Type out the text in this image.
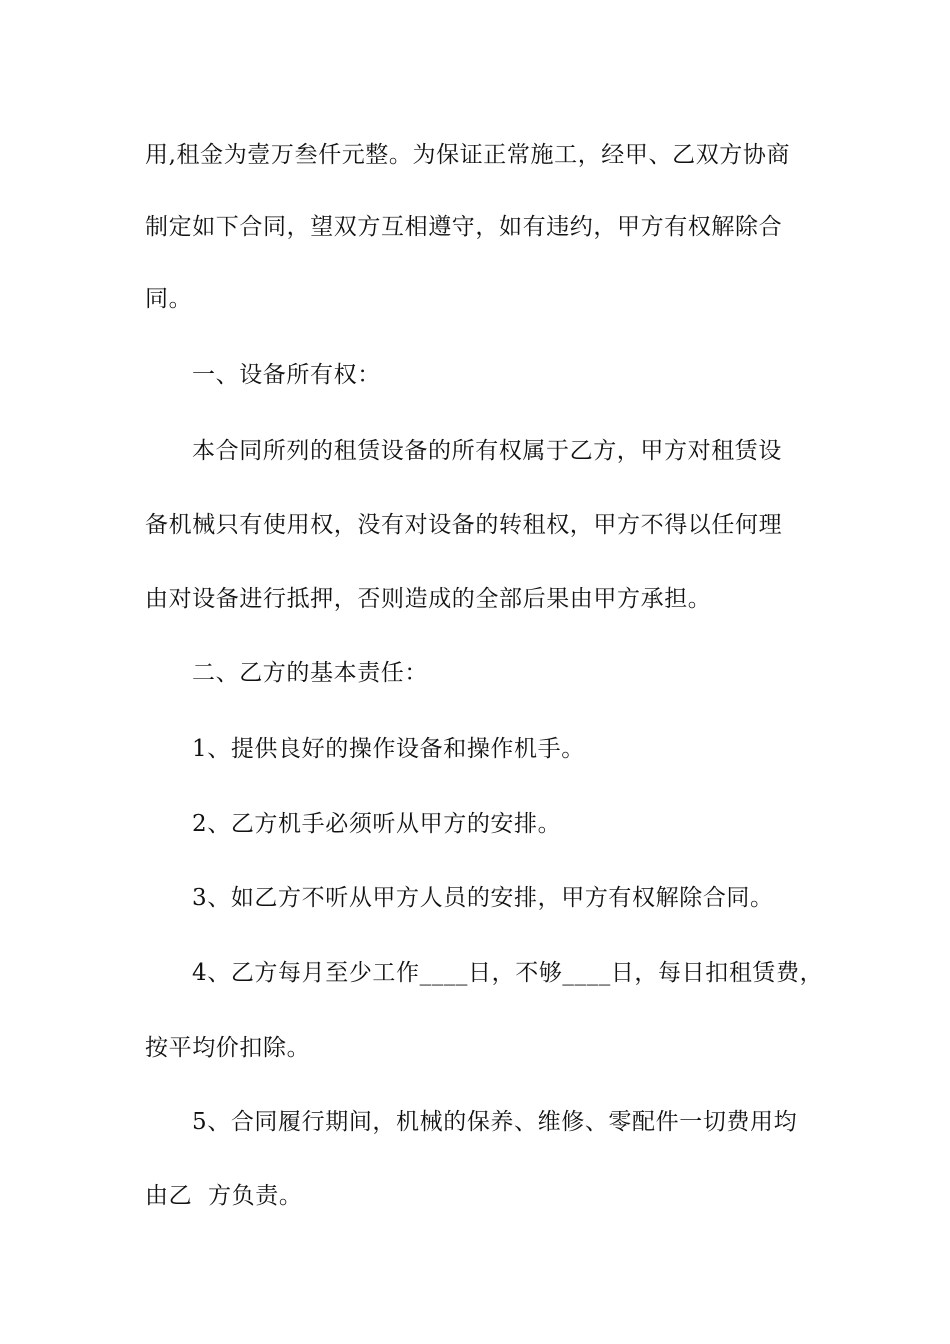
用,租金为壹万叁仟元整。为保证正常施工，经甲、乙双方协商
制定如下合同，望双方互相遵守，如有违约，甲方有权解除合
同。
一、设备所有权：
本合同所列的租赁设备的所有权属于乙方，甲方对租赁设
备机械只有使用权，没有对设备的转租权，甲方不得以任何理
由对设备进行抵押，否则造成的全部后果由甲方承担。
二、乙方的基本责任：
1、提供良好的操作设备和操作机手。
2、乙方机手必须听从甲方的安排。
3、如乙方不听从甲方人员的安排，甲方有权解除合同。
4、乙方每月至少工作____日，不够____日，每日扣租赁费，
按平均价扣除。
5、合同履行期间，机械的保养、维修、零配件一切费用均
由乙  方负责。
